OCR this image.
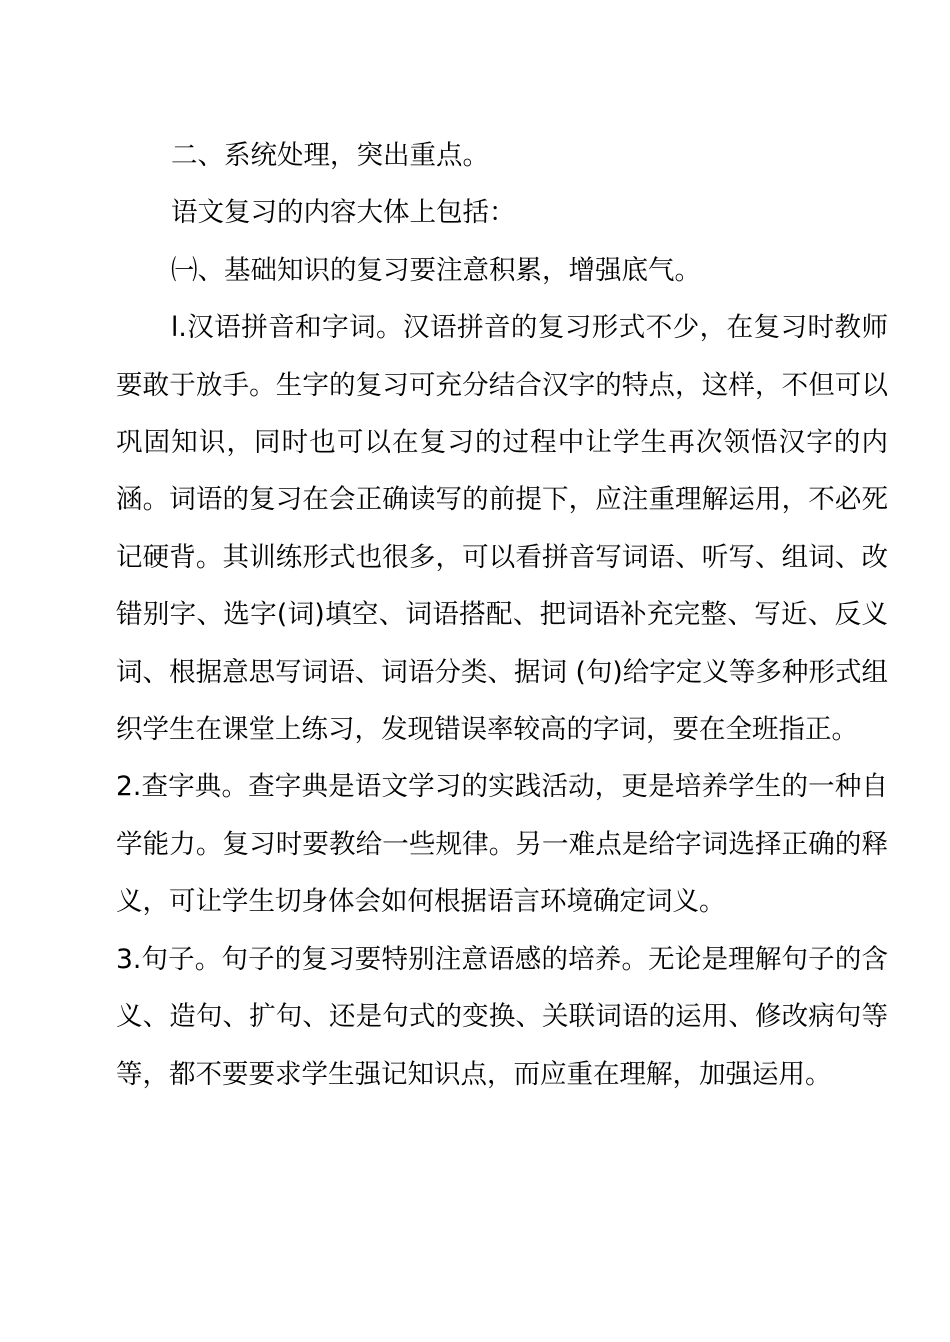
二、系统处理，突出重点。

语文复习的内容大体上包括：

㈠、基础知识的复习要注意积累，增强底气。

l.汉语拼音和字词。汉语拼音的复习形式不少，在复习时教师要敢于放手。生字的复习可充分结合汉字的特点，这样，不但可以巩固知识，同时也可以在复习的过程中让学生再次领悟汉字的内涵。词语的复习在会正确读写的前提下，应注重理解运用，不必死记硬背。其训练形式也很多，可以看拼音写词语、听写、组词、改错别字、选字(词)填空、词语搭配、把词语补充完整、写近、反义词、根据意思写词语、词语分类、据词 (句)给字定义等多种形式组织学生在课堂上练习，发现错误率较高的字词，要在全班指正。

2.查字典。查字典是语文学习的实践活动，更是培养学生的一种自学能力。复习时要教给一些规律。另一难点是给字词选择正确的释义，可让学生切身体会如何根据语言环境确定词义。

3.句子。句子的复习要特别注意语感的培养。无论是理解句子的含义、造句、扩句、还是句式的变换、关联词语的运用、修改病句等等，都不要要求学生强记知识点，而应重在理解，加强运用。
